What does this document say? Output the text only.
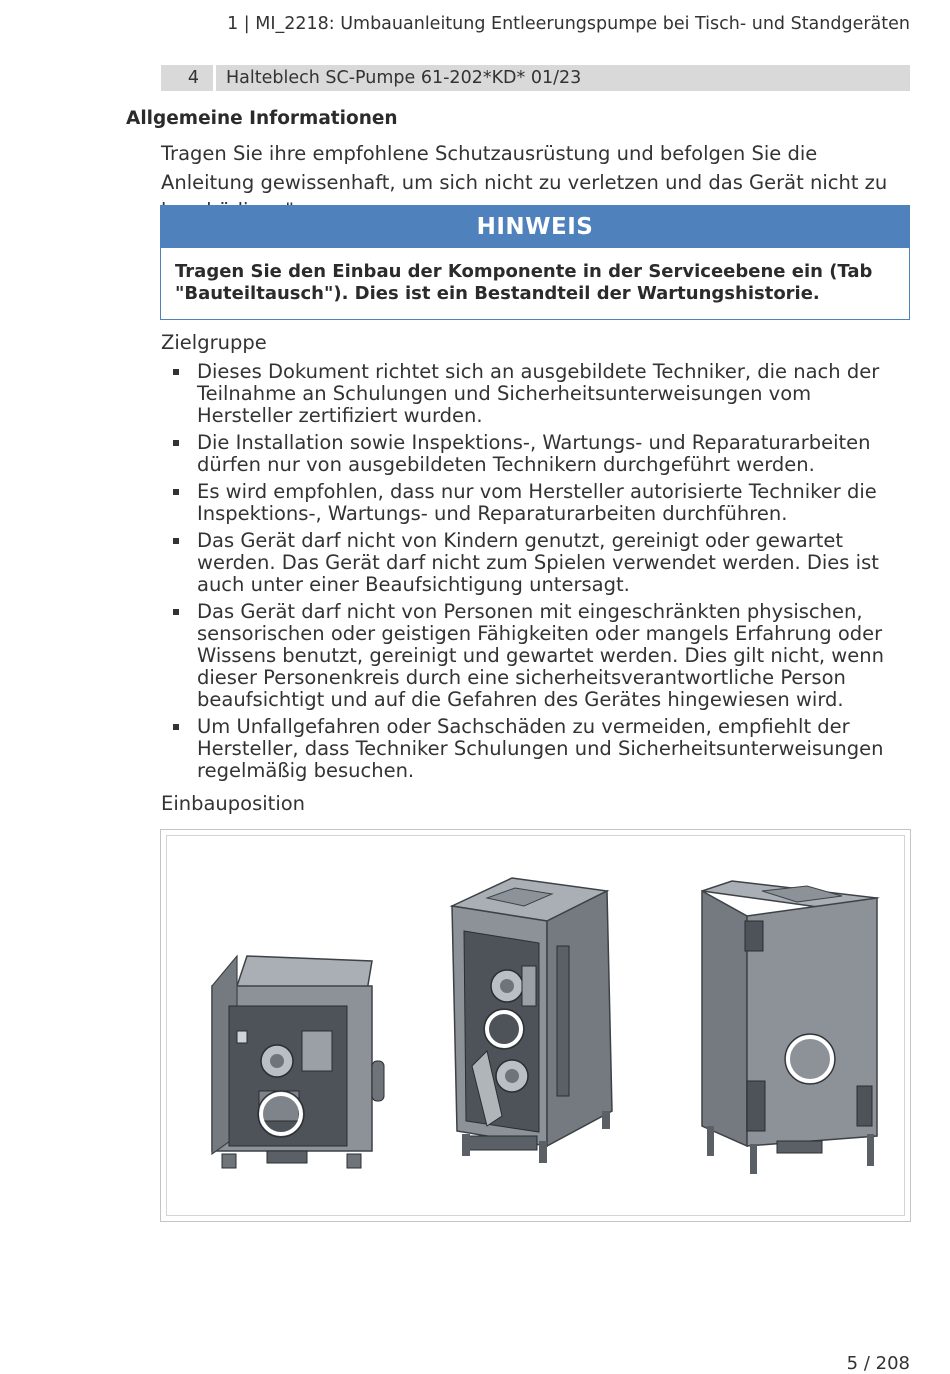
1 | MI_2218: Umbauanleitung Entleerungspumpe bei Tisch- und Standgeräten
4	Halteblech SC-Pumpe 61-202*KD* 01/23
Allgemeine Informationen
Tragen Sie ihre empfohlene Schutzausrüstung und befolgen Sie die Anleitung gewissenhaft, um sich nicht zu verletzen und das Gerät nicht zu
HINWEIS
Tragen Sie den Einbau der Komponente in der Serviceebene ein (Tab "Bauteiltausch"). Dies ist ein Bestandteil der Wartungshistorie.
Zielgruppe
Dieses Dokument richtet sich an ausgebildete Techniker, die nach der Teilnahme an Schulungen und Sicherheitsunterweisungen vom Hersteller zertifiziert wurden.
Die Installation sowie Inspektions-, Wartungs- und Reparaturarbeiten dürfen nur von ausgebildeten Technikern durchgeführt werden.
Es wird empfohlen, dass nur vom Hersteller autorisierte Techniker die Inspektions-, Wartungs- und Reparaturarbeiten durchführen.
Das Gerät darf nicht von Kindern genutzt, gereinigt oder gewartet werden. Das Gerät darf nicht zum Spielen verwendet werden. Dies ist auch unter einer Beaufsichtigung untersagt.
Das Gerät darf nicht von Personen mit eingeschränkten physischen, sensorischen oder geistigen Fähigkeiten oder mangels Erfahrung oder Wissens benutzt, gereinigt und gewartet werden. Dies gilt nicht, wenn dieser Personenkreis durch eine sicherheitsverantwortliche Person beaufsichtigt und auf die Gefahren des Gerätes hingewiesen wird.
Um Unfallgefahren oder Sachschäden zu vermeiden, empfiehlt der Hersteller, dass Techniker Schulungen und Sicherheitsunterweisungen regelmäßig besuchen.
Einbauposition
5 / 208
